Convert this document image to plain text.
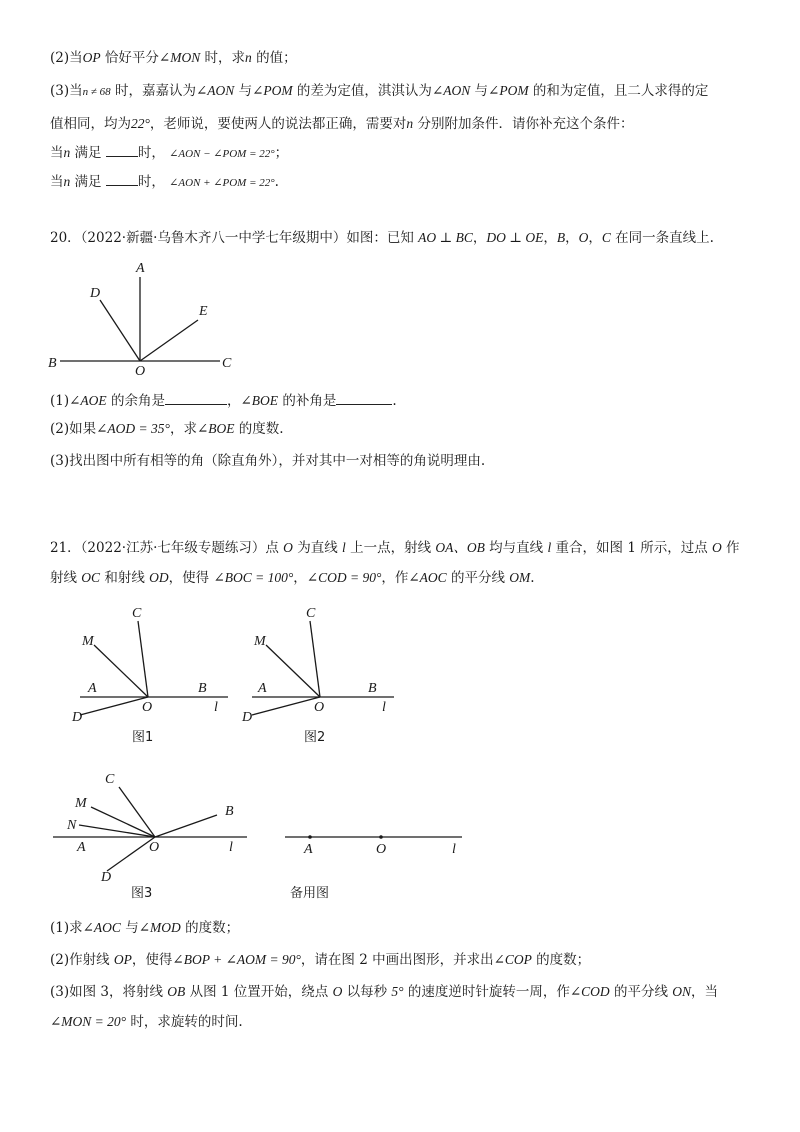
(2)当OP 恰好平分∠MON 时，求n 的值；
(3)当n ≠ 68 时，嘉嘉认为∠AON 与∠POM 的差为定值，淇淇认为∠AON 与∠POM 的和为定值，且二人求得的定
值相同，均为22°，老师说，要使两人的说法都正确，需要对n 分别附加条件．请你补充这个条件：
当n 满足 时， ∠AON − ∠POM = 22°；
当n 满足 时， ∠AON + ∠POM = 22°.
20．（2022·新疆·乌鲁木齐八一中学七年级期中）如图：已知 AO ⊥ BC，DO ⊥ OE，B，O，C 在同一条直线上.
A
D
E
B
O
C
(1)∠AOE 的余角是	，∠BOE 的补角是	.
(2)如果∠AOD = 35°，求∠BOE 的度数.
(3)找出图中所有相等的角（除直角外），并对其中一对相等的角说明理由.
21．（2022·江苏·七年级专题练习）点 O 为直线 l 上一点，射线 OA、OB 均与直线 l 重合，如图 1 所示，过点 O 作
射线 OC 和射线 OD，使得 ∠BOC = 100°，∠COD = 90°，作∠AOC 的平分线 OM.
C
M
A	B
D
O	l
图1
C
M
A	B
D
O	l
图2
C
M
N
B
A	O	l
D
图3
A	O	l
备用图
(1)求∠AOC 与∠MOD 的度数；
(2)作射线 OP，使得∠BOP + ∠AOM = 90°，请在图 2 中画出图形，并求出∠COP 的度数；
(3)如图 3，将射线 OB 从图 1 位置开始，绕点 O 以每秒 5° 的速度逆时针旋转一周，作∠COD 的平分线 ON，当
∠MON = 20° 时，求旋转的时间.
